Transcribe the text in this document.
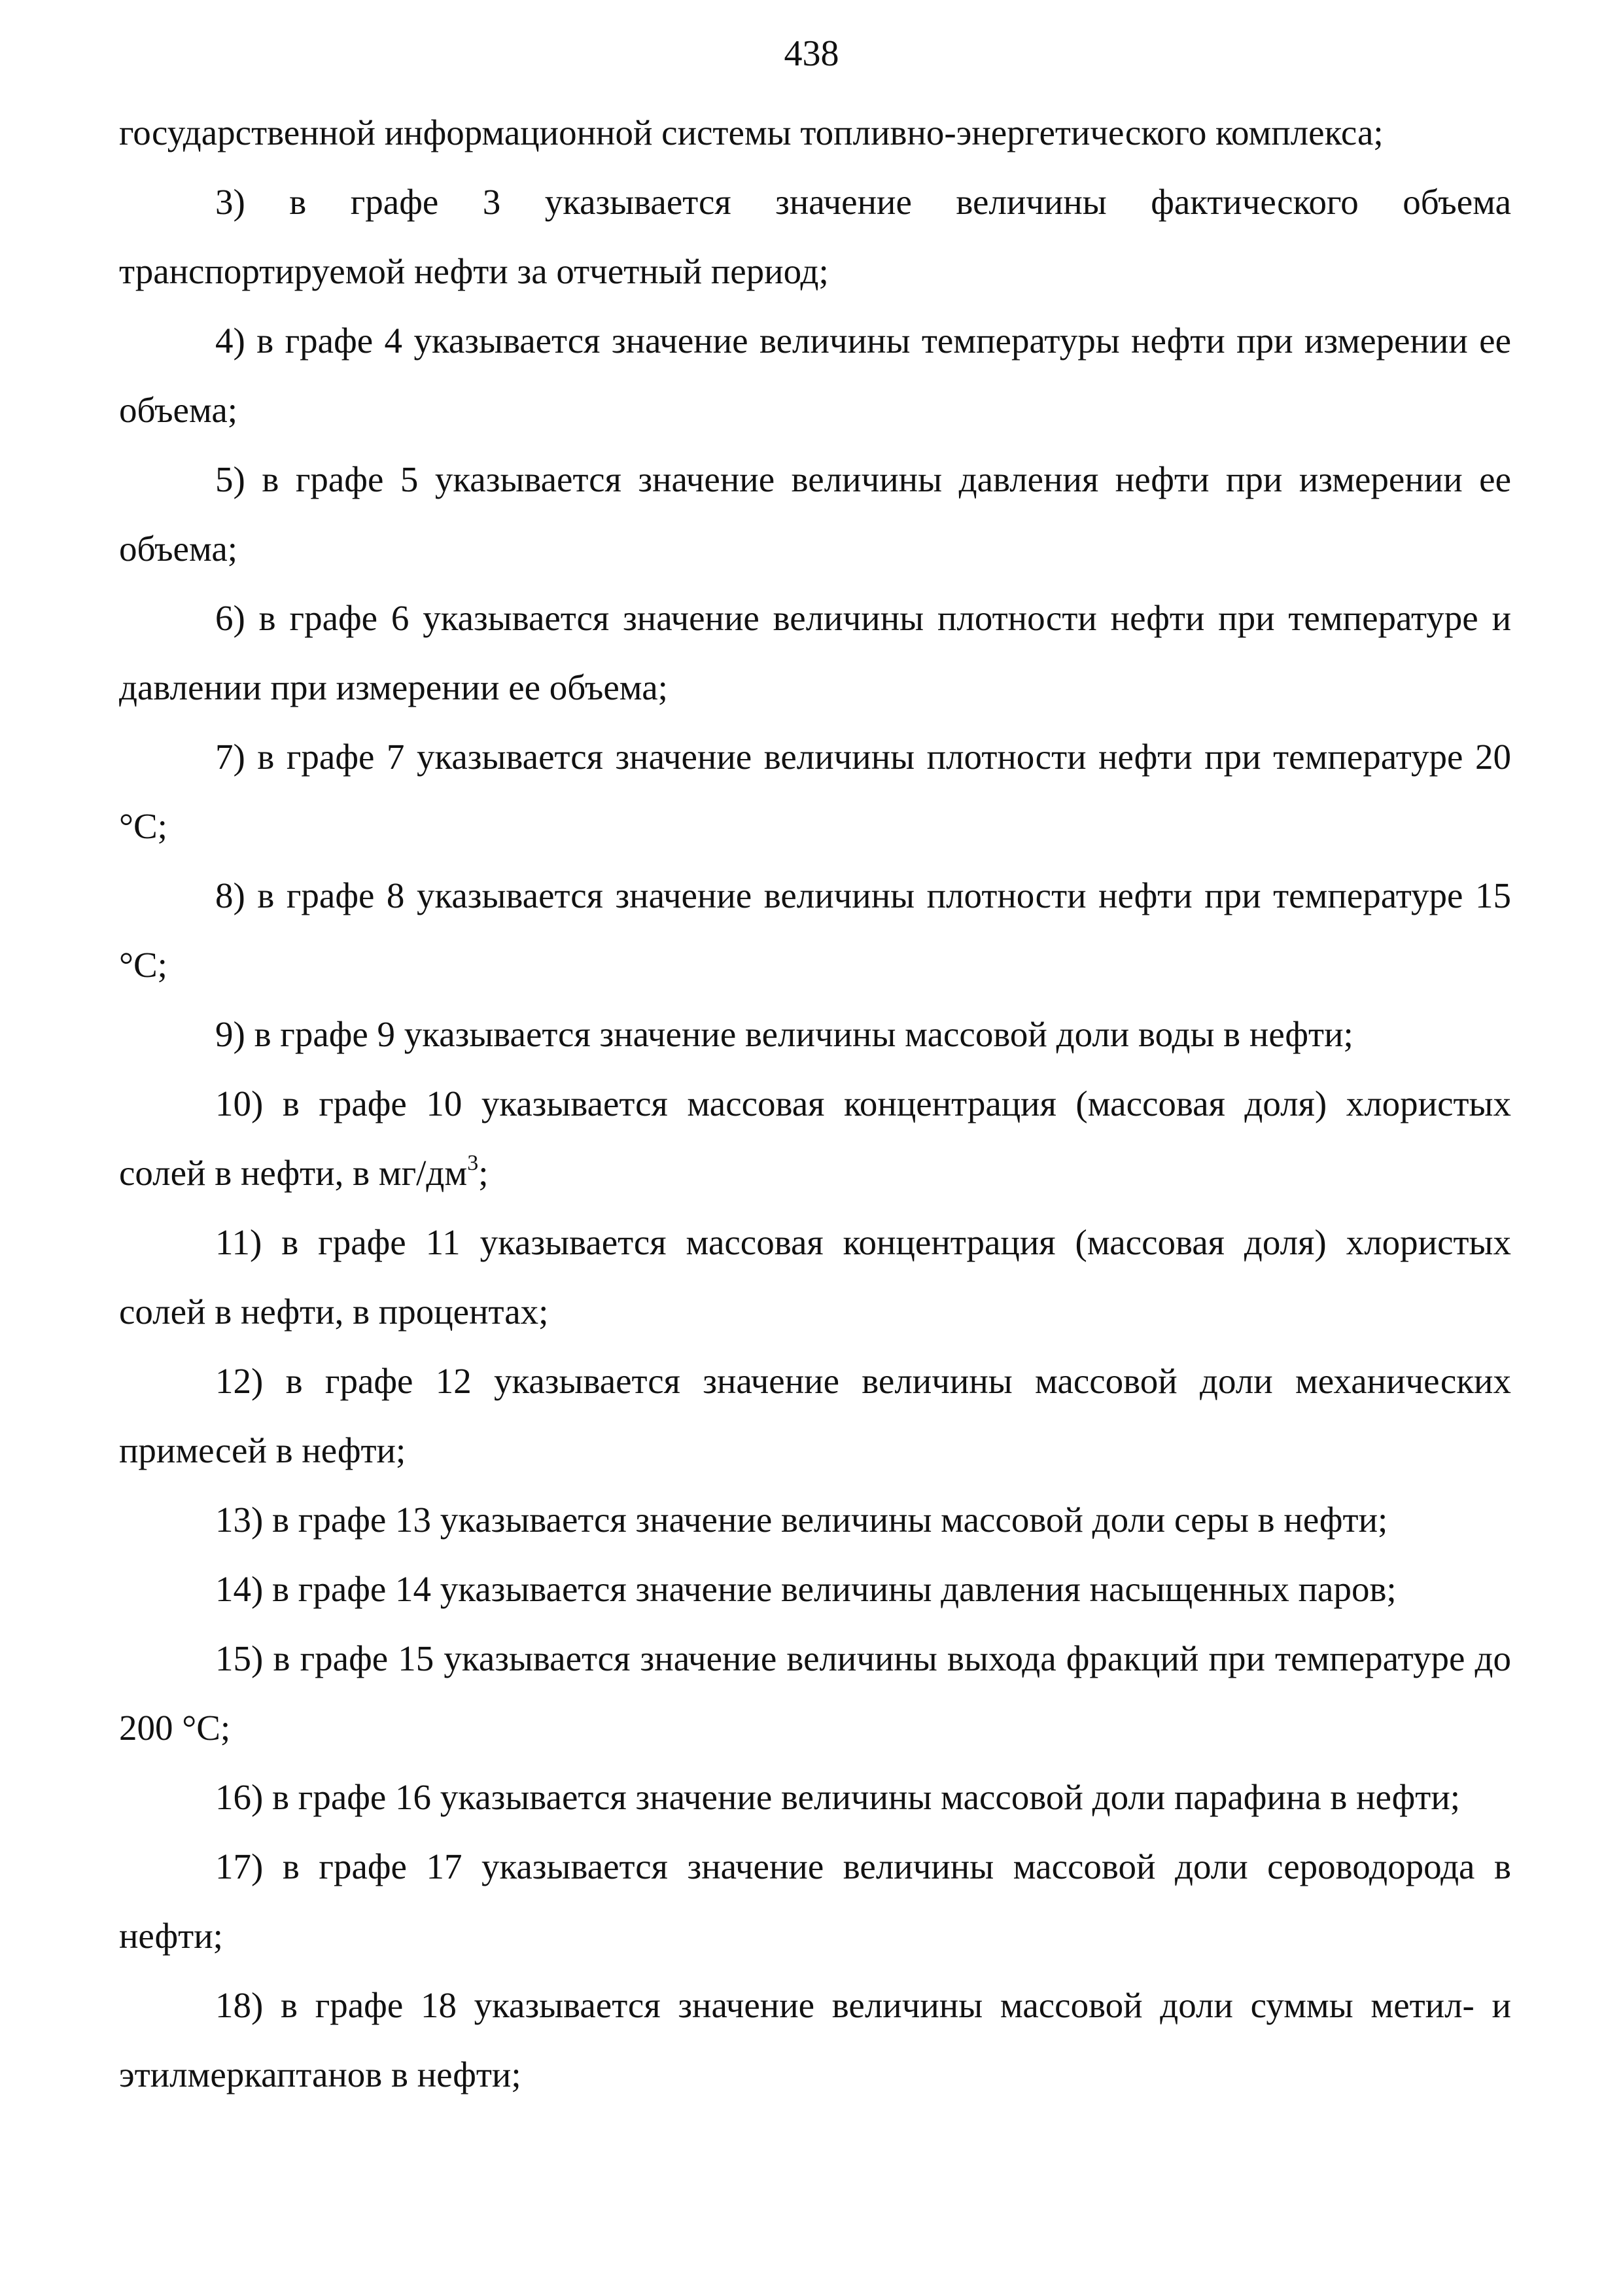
438

государственной информационной системы топливно-энергетического комплекса;

3) в графе 3 указывается значение величины фактического объема транспортируемой нефти за отчетный период;

4) в графе 4 указывается значение величины температуры нефти при измерении ее объема;

5) в графе 5 указывается значение величины давления нефти при измерении ее объема;

6) в графе 6 указывается значение величины плотности нефти при температуре и давлении при измерении ее объема;

7) в графе 7 указывается значение величины плотности нефти при температуре 20 °C;

8) в графе 8 указывается значение величины плотности нефти при температуре 15 °C;

9) в графе 9 указывается значение величины массовой доли воды в нефти;

10) в графе 10 указывается массовая концентрация (массовая доля) хлористых солей в нефти, в $мг/дм^3$;

11) в графе 11 указывается массовая концентрация (массовая доля) хлористых солей в нефти, в процентах;

12) в графе 12 указывается значение величины массовой доли механических примесей в нефти;

13) в графе 13 указывается значение величины массовой доли серы в нефти;

14) в графе 14 указывается значение величины давления насыщенных паров;

15) в графе 15 указывается значение величины выхода фракций при температуре до 200 °C;

16) в графе 16 указывается значение величины массовой доли парафина в нефти;

17) в графе 17 указывается значение величины массовой доли сероводорода в нефти;

18) в графе 18 указывается значение величины массовой доли суммы метил- и этилмеркаптанов в нефти;
